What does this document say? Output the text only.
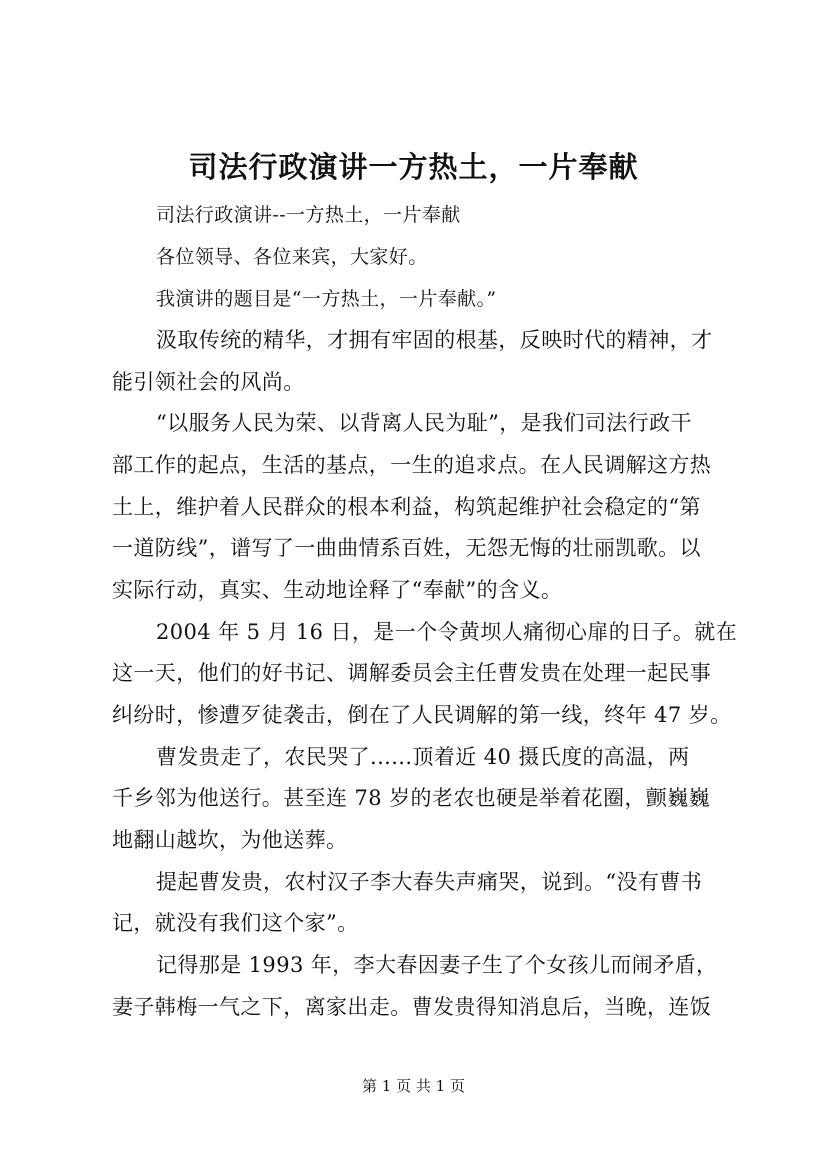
司法行政演讲一方热土，一片奉献
司法行政演讲--一方热土，一片奉献
各位领导、各位来宾，大家好。
我演讲的题目是“一方热土，一片奉献。”
汲取传统的精华，才拥有牢固的根基，反映时代的精神，才
能引领社会的风尚。
“以服务人民为荣、以背离人民为耻”，是我们司法行政干
部工作的起点，生活的基点，一生的追求点。在人民调解这方热
土上，维护着人民群众的根本利益，构筑起维护社会稳定的“第
一道防线”，谱写了一曲曲情系百姓，无怨无悔的壮丽凯歌。以
实际行动，真实、生动地诠释了“奉献”的含义。
2004 年 5 月 16 日，是一个令黄坝人痛彻心扉的日子。就在
这一天，他们的好书记、调解委员会主任曹发贵在处理一起民事
纠纷时，惨遭歹徒袭击，倒在了人民调解的第一线，终年 47 岁。
曹发贵走了，农民哭了......顶着近 40 摄氏度的高温，两
千乡邻为他送行。甚至连 78 岁的老农也硬是举着花圈，颤巍巍
地翻山越坎，为他送葬。
提起曹发贵，农村汉子李大春失声痛哭，说到。“没有曹书
记，就没有我们这个家”。
记得那是 1993 年，李大春因妻子生了个女孩儿而闹矛盾，
妻子韩梅一气之下，离家出走。曹发贵得知消息后，当晚，连饭
第 1 页 共 1 页
